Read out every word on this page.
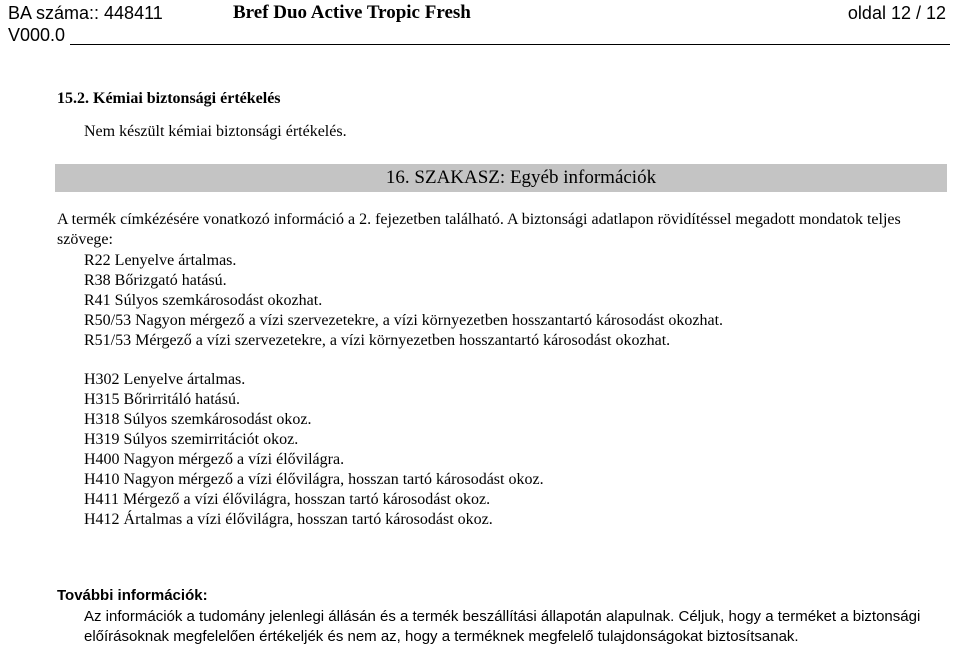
BA száma:: 448411
V000.0
Bref Duo Active Tropic Fresh	oldal 12 / 12
15.2. Kémiai biztonsági értékelés
Nem készült kémiai biztonsági értékelés.
16. SZAKASZ: Egyéb információk
A termék címkézésére vonatkozó információ a 2. fejezetben található. A biztonsági adatlapon rövidítéssel megadott mondatok teljes szövege:
R22 Lenyelve ártalmas.
R38 Bőrizgató hatású.
R41 Súlyos szemkárosodást okozhat.
R50/53 Nagyon mérgező a vízi szervezetekre, a vízi környezetben hosszantartó károsodást okozhat.
R51/53 Mérgező a vízi szervezetekre, a vízi környezetben hosszantartó károsodást okozhat.
H302 Lenyelve ártalmas.
H315 Bőrirritáló hatású.
H318 Súlyos szemkárosodást okoz.
H319 Súlyos szemirritációt okoz.
H400 Nagyon mérgező a vízi élővilágra.
H410 Nagyon mérgező a vízi élővilágra, hosszan tartó károsodást okoz.
H411 Mérgező a vízi élővilágra, hosszan tartó károsodást okoz.
H412 Ártalmas a vízi élővilágra, hosszan tartó károsodást okoz.
További információk:
Az információk a tudomány jelenlegi állásán és a termék beszállítási állapotán alapulnak. Céljuk, hogy a terméket a biztonsági előírásoknak megfelelően értékeljék és nem az, hogy a terméknek megfelelő tulajdonságokat biztosítsanak.
